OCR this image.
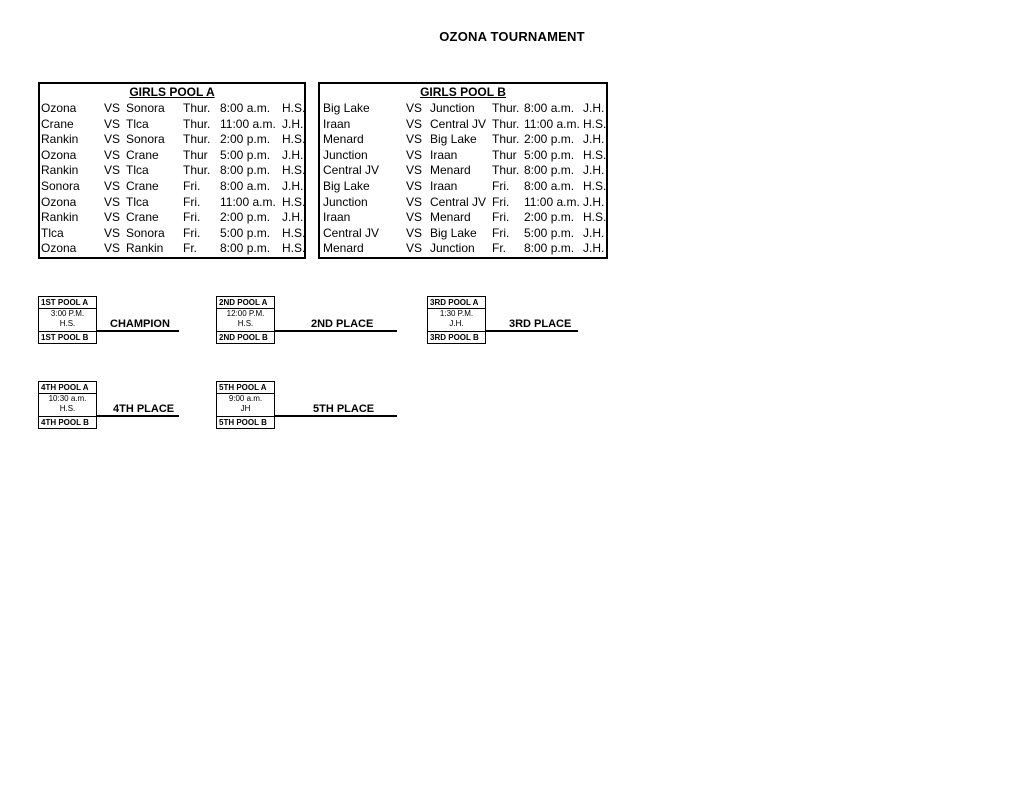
OZONA TOURNAMENT
GIRLS POOL A
Ozona VS Sonora Thur. 8:00 a.m. H.S.
Crane	VS Tlca	Thur. 11:00 a.m. J.H.
Rankin VS Sonora Thur. 2:00 p.m. H.S.
Ozona VS Crane Thur 5:00 p.m. J.H.
Rankin VS Tlca	Thur. 8:00 p.m. H.S.
Sonora VS Crane Fri. 8:00 a.m. J.H.
Ozona VS Tlca	Fri. 11:00 a.m. H.S.
Rankin VS Crane Fri. 2:00 p.m. J.H.
Tlca	VS Sonora Fri. 5:00 p.m. H.S.
Ozona VS Rankin Fr. 8:00 p.m. H.S.
GIRLS POOL B
Big Lake	VS Junction Thur. 8:00 a.m. J.H.
Iraan	VS Central JV Thur. 11:00 a.m. H.S.
Menard	VS Big Lake Thur. 2:00 p.m. J.H.
Junction	VS Iraan	Thur 5:00 p.m. H.S.
Central JV VS Menard Thur. 8:00 p.m. J.H.
Big Lake	VS Iraan	Fri. 8:00 a.m. H.S.
Junction	VS Central JV Fri. 11:00 a.m. J.H.
Iraan	VS Menard Fri. 2:00 p.m. H.S.
Central JV VS Big Lake Fri. 5:00 p.m. J.H.
Menard	VS Junction Fr. 8:00 p.m. J.H.
1ST POOL A
3:00 P.M.
H.S.
1ST POOL B
CHAMPION
2ND POOL A
12:00 P.M.
H.S.
2ND POOL B
2ND PLACE
3RD POOL A
1:30 P.M.
J.H.
3RD POOL B
3RD PLACE
4TH POOL A
10:30 a.m.
H.S.
4TH POOL B
4TH PLACE
5TH POOL A
9:00 a.m.
JH
5TH POOL B
5TH PLACE
